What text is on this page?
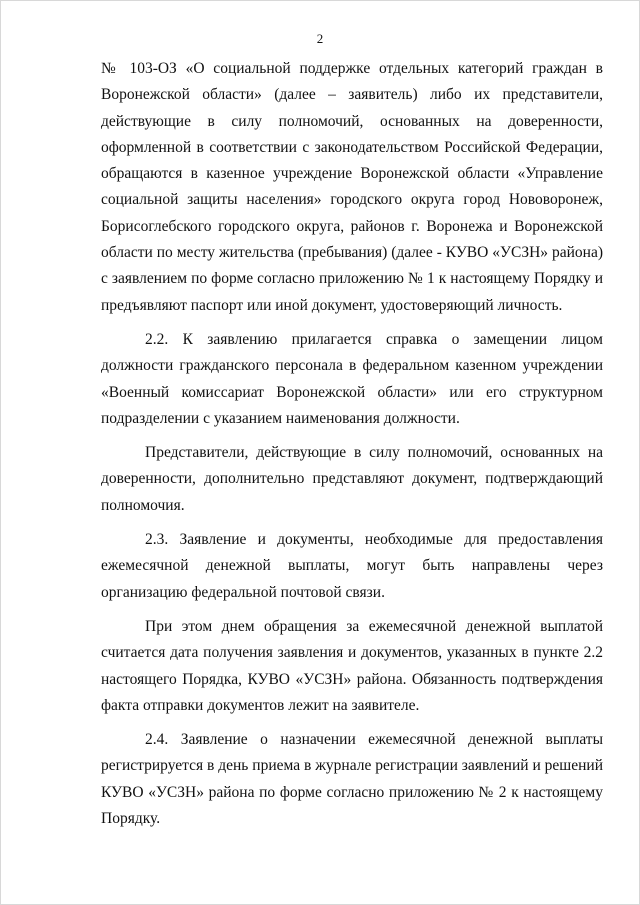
2

№ 103-ОЗ «О социальной поддержке отдельных категорий граждан в Воронежской области» (далее – заявитель) либо их представители, действующие в силу полномочий, основанных на доверенности, оформленной в соответствии с законодательством Российской Федерации, обращаются в казенное учреждение Воронежской области «Управление социальной защиты населения» городского округа город Нововоронеж, Борисоглебского городского округа, районов г. Воронежа и Воронежской области по месту жительства (пребывания) (далее - КУВО «УСЗН» района) с заявлением по форме согласно приложению № 1 к настоящему Порядку и предъявляют паспорт или иной документ, удостоверяющий личность.

2.2. К заявлению прилагается справка о замещении лицом должности гражданского персонала в федеральном казенном учреждении «Военный комиссариат Воронежской области» или его структурном подразделении с указанием наименования должности.

Представители, действующие в силу полномочий, основанных на доверенности, дополнительно представляют документ, подтверждающий полномочия.

2.3. Заявление и документы, необходимые для предоставления ежемесячной денежной выплаты, могут быть направлены через организацию федеральной почтовой связи.

При этом днем обращения за ежемесячной денежной выплатой считается дата получения заявления и документов, указанных в пункте 2.2 настоящего Порядка, КУВО «УСЗН» района. Обязанность подтверждения факта отправки документов лежит на заявителе.

2.4. Заявление о назначении ежемесячной денежной выплаты регистрируется в день приема в журнале регистрации заявлений и решений КУВО «УСЗН» района по форме согласно приложению № 2 к настоящему Порядку.
